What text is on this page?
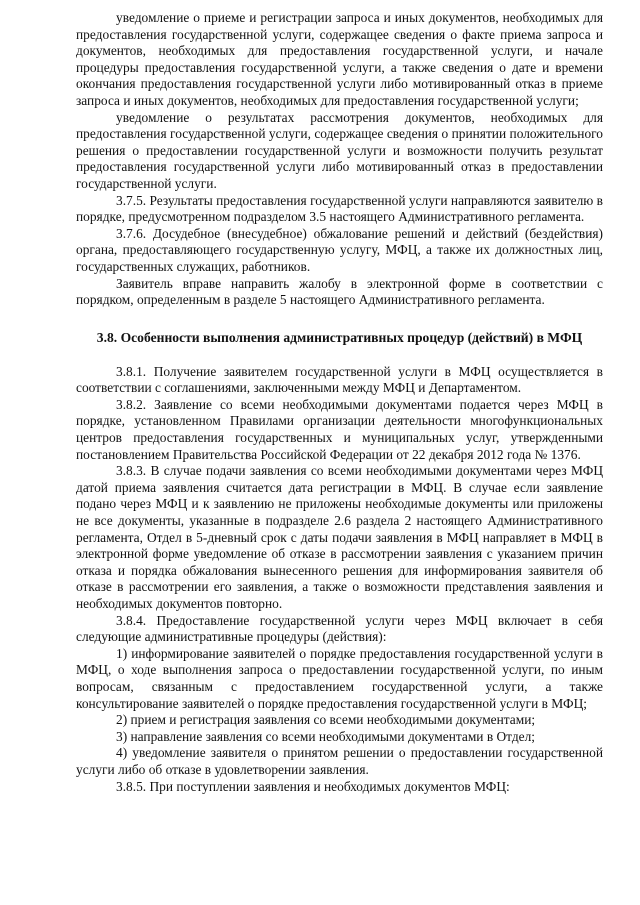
уведомление о приеме и регистрации запроса и иных документов, необходимых для предоставления государственной услуги, содержащее сведения о факте приема запроса и документов, необходимых для предоставления государственной услуги, и начале процедуры предоставления государственной услуги, а также сведения о дате и времени окончания предоставления государственной услуги либо мотивированный отказ в приеме запроса и иных документов, необходимых для предоставления государственной услуги;

уведомление о результатах рассмотрения документов, необходимых для предоставления государственной услуги, содержащее сведения о принятии положительного решения о предоставлении государственной услуги и возможности получить результат предоставления государственной услуги либо мотивированный отказ в предоставлении государственной услуги.

3.7.5. Результаты предоставления государственной услуги направляются заявителю в порядке, предусмотренном подразделом 3.5 настоящего Административного регламента.

3.7.6. Досудебное (внесудебное) обжалование решений и действий (бездействия) органа, предоставляющего государственную услугу, МФЦ, а также их должностных лиц, государственных служащих, работников.

Заявитель вправе направить жалобу в электронной форме в соответствии с порядком, определенным в разделе 5 настоящего Административного регламента.

3.8. Особенности выполнения административных процедур (действий) в МФЦ

3.8.1. Получение заявителем государственной услуги в МФЦ осуществляется в соответствии с соглашениями, заключенными между МФЦ и Департаментом.

3.8.2. Заявление со всеми необходимыми документами подается через МФЦ в порядке, установленном Правилами организации деятельности многофункциональных центров предоставления государственных и муниципальных услуг, утвержденными постановлением Правительства Российской Федерации от 22 декабря 2012 года № 1376.

3.8.3. В случае подачи заявления со всеми необходимыми документами через МФЦ датой приема заявления считается дата регистрации в МФЦ. В случае если заявление подано через МФЦ и к заявлению не приложены необходимые документы или приложены не все документы, указанные в подразделе 2.6 раздела 2 настоящего Административного регламента, Отдел в 5-дневный срок с даты подачи заявления в МФЦ направляет в МФЦ в электронной форме уведомление об отказе в рассмотрении заявления с указанием причин отказа и порядка обжалования вынесенного решения для информирования заявителя об отказе в рассмотрении его заявления, а также о возможности представления заявления и необходимых документов повторно.

3.8.4. Предоставление государственной услуги через МФЦ включает в себя следующие административные процедуры (действия):

1) информирование заявителей о порядке предоставления государственной услуги в МФЦ, о ходе выполнения запроса о предоставлении государственной услуги, по иным вопросам, связанным с предоставлением государственной услуги, а также консультирование заявителей о порядке предоставления государственной услуги в МФЦ;

2) прием и регистрация заявления со всеми необходимыми документами;

3) направление заявления со всеми необходимыми документами в Отдел;

4) уведомление заявителя о принятом решении о предоставлении государственной услуги либо об отказе в удовлетворении заявления.

3.8.5. При поступлении заявления и необходимых документов МФЦ:
